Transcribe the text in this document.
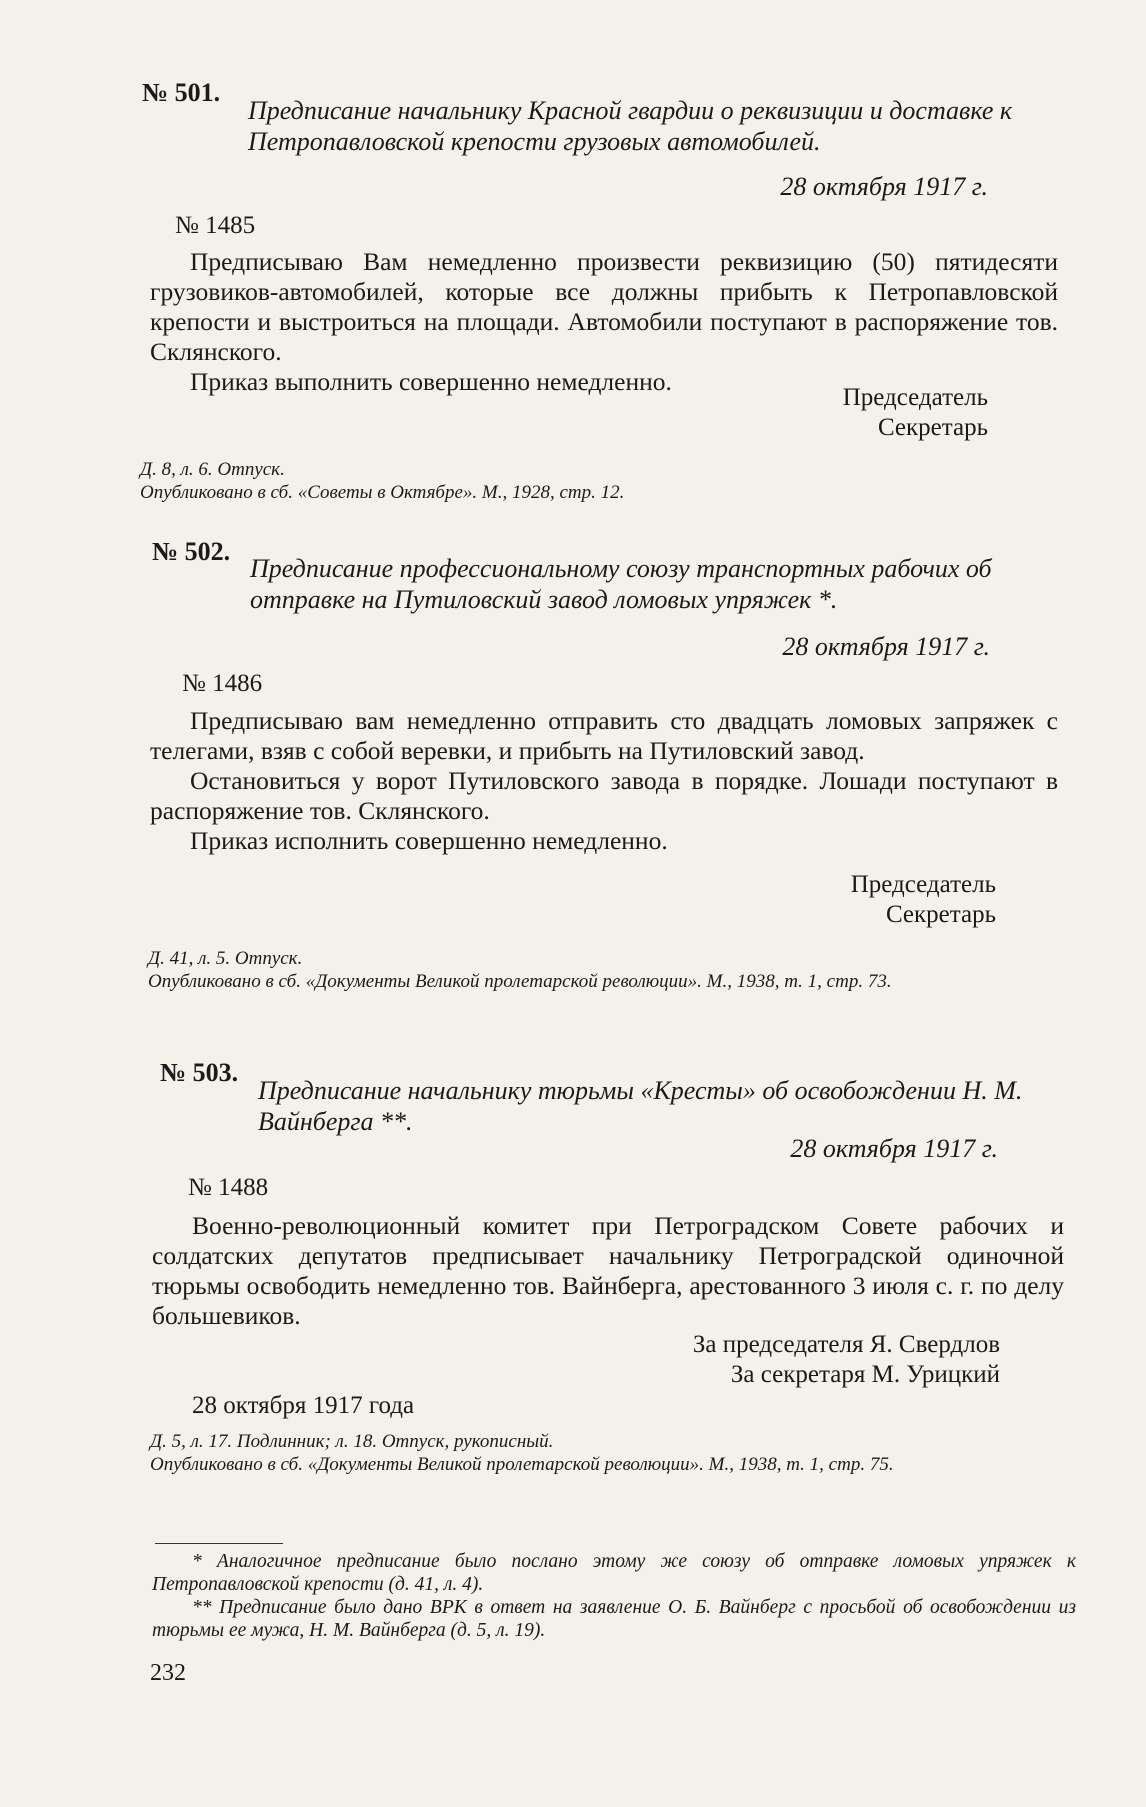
№ 501.
Предписание начальнику Красной гвардии о реквизиции и доставке к Петропавловской крепости грузовых автомобилей.
28 октября 1917 г.
№ 1485

Предписываю Вам немедленно произвести реквизицию (50) пятидесяти грузовиков-автомобилей, которые все должны прибыть к Петропавловской крепости и выстроиться на площади. Автомобили поступают в распоряжение тов. Склянского.

Приказ выполнить совершенно немедленно.

Председатель
Секретарь
Д. 8, л. 6. Отпуск.
Опубликовано в сб. «Советы в Октябре». М., 1928, стр. 12.
№ 502.
Предписание профессиональному союзу транспортных рабочих об отправке на Путиловский завод ломовых упряжек *.
28 октября 1917 г.
№ 1486

Предписываю вам немедленно отправить сто двадцать ломовых запряжек с телегами, взяв с собой веревки, и прибыть на Путиловский завод.

Остановиться у ворот Путиловского завода в порядке. Лошади поступают в распоряжение тов. Склянского.

Приказ исполнить совершенно немедленно.

Председатель
Секретарь
Д. 41, л. 5. Отпуск.
Опубликовано в сб. «Документы Великой пролетарской революции». М., 1938, т. 1, стр. 73.
№ 503.
Предписание начальнику тюрьмы «Кресты» об освобождении Н. М. Вайнберга **.
28 октября 1917 г.
№ 1488

Военно-революционный комитет при Петроградском Совете рабочих и солдатских депутатов предписывает начальнику Петроградской одиночной тюрьмы освободить немедленно тов. Вайнберга, арестованного 3 июля с. г. по делу большевиков.

За председателя Я. Свердлов
За секретаря М. Урицкий
28 октября 1917 года
Д. 5, л. 17. Подлинник; л. 18. Отпуск, рукописный.
Опубликовано в сб. «Документы Великой пролетарской революции». М., 1938, т. 1, стр. 75.

* Аналогичное предписание было послано этому же союзу об отправке ломовых упряжек к Петропавловской крепости (д. 41, л. 4).

** Предписание было дано ВРК в ответ на заявление О. Б. Вайнберг с просьбой об освобождении из тюрьмы ее мужа, Н. М. Вайнберга (д. 5, л. 19).

232
